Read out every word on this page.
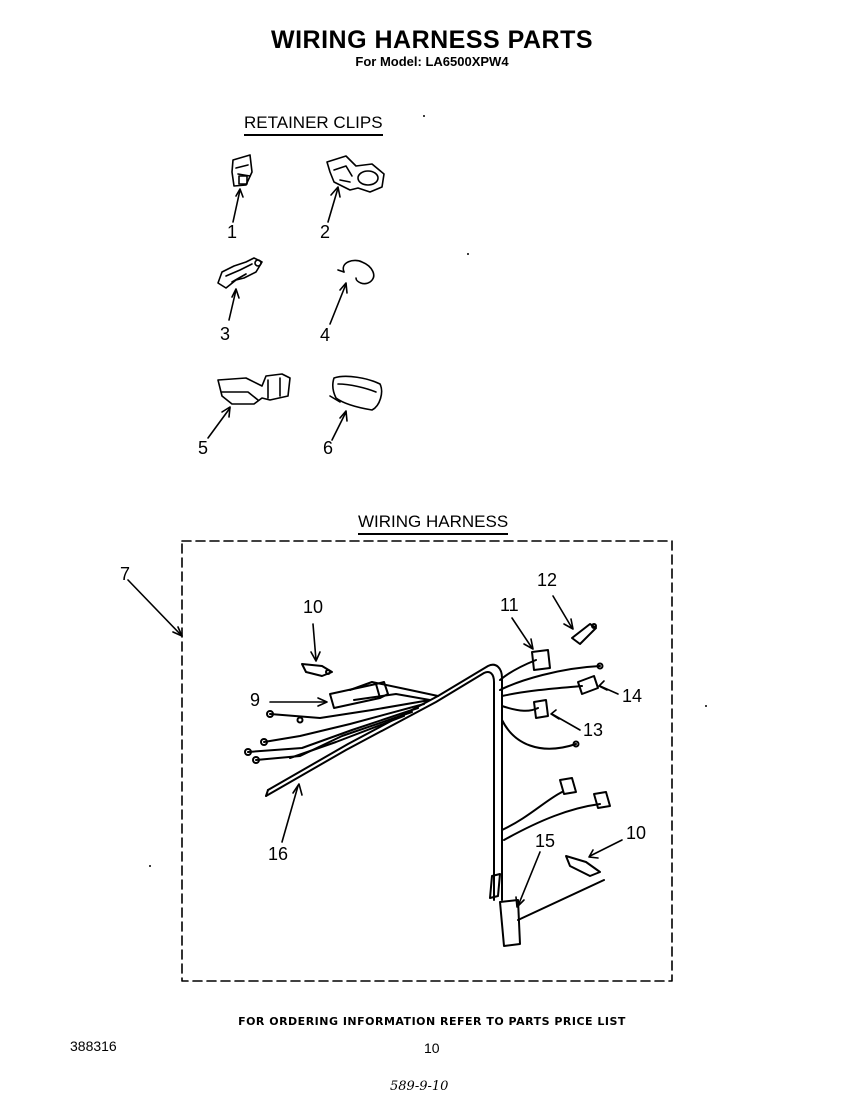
WIRING HARNESS PARTS
For Model: LA6500XPW4
RETAINER CLIPS
WIRING HARNESS
1	2
3	4
5	6
7
9
10	11
12
13
14
10
15
16
FOR ORDERING INFORMATION REFER TO PARTS PRICE LIST
388316	10
589-9-10
